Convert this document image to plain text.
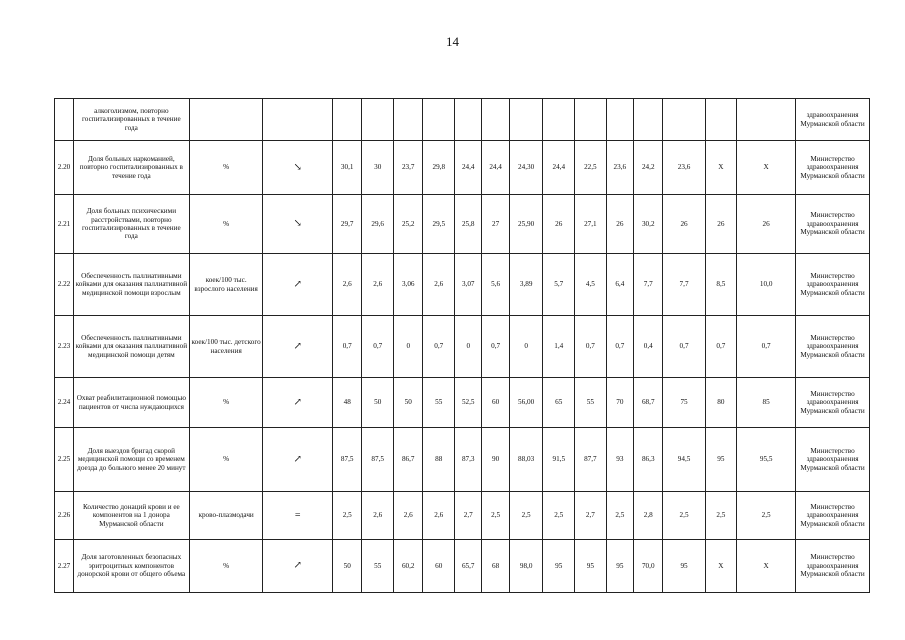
14
	алкоголизмом, повторно госпитализированных в течение года																	здравоохранения Мурманской области
2.20	Доля больных наркоманией, повторно госпитализированных в течение года	%	↘	30,1	30	23,7	29,8	24,4	24,4	24,30	24,4	22,5	23,6	24,2	23,6	Х	Х	Министерство здравоохранения Мурманской области
2.21	Доля больных психическими расстройствами, повторно госпитализированных в течение года	%	↘	29,7	29,6	25,2	29,5	25,8	27	25,90	26	27,1	26	30,2	26	26	26	Министерство здравоохранения Мурманской области
2.22	Обеспеченность паллиативными койками для оказания паллиативной медицинской помощи взрослым	коек/100 тыс. взрослого населения	↗	2,6	2,6	3,06	2,6	3,07	5,6	3,89	5,7	4,5	6,4	7,7	7,7	8,5	10,0	Министерство здравоохранения Мурманской области
2.23	Обеспеченность паллиативными койками для оказания паллиативной медицинской помощи детям	коек/100 тыс. детского населения	↗	0,7	0,7	0	0,7	0	0,7	0	1,4	0,7	0,7	0,4	0,7	0,7	0,7	Министерство здравоохранения Мурманской области
2.24	Охват реабилитационной помощью пациентов от числа нуждающихся	%	↗	48	50	50	55	52,5	60	56,00	65	55	70	68,7	75	80	85	Министерство здравоохранения Мурманской области
2.25	Доля выездов бригад скорой медицинской помощи со временем доезда до больного менее 20 минут	%	↗	87,5	87,5	86,7	88	87,3	90	88,03	91,5	87,7	93	86,3	94,5	95	95,5	Министерство здравоохранения Мурманской области
2.26	Количество донаций крови и ее компонентов на 1 донора Мурманской области	крово-плазмодачи	=	2,5	2,6	2,6	2,6	2,7	2,5	2,5	2,5	2,7	2,5	2,8	2,5	2,5	2,5	Министерство здравоохранения Мурманской области
2.27	Доля заготовленных безопасных эритроцитных компонентов донорской крови от общего объема	%	↗	50	55	60,2	60	65,7	68	98,0	95	95	95	70,0	95	Х	Х	Министерство здравоохранения Мурманской области
